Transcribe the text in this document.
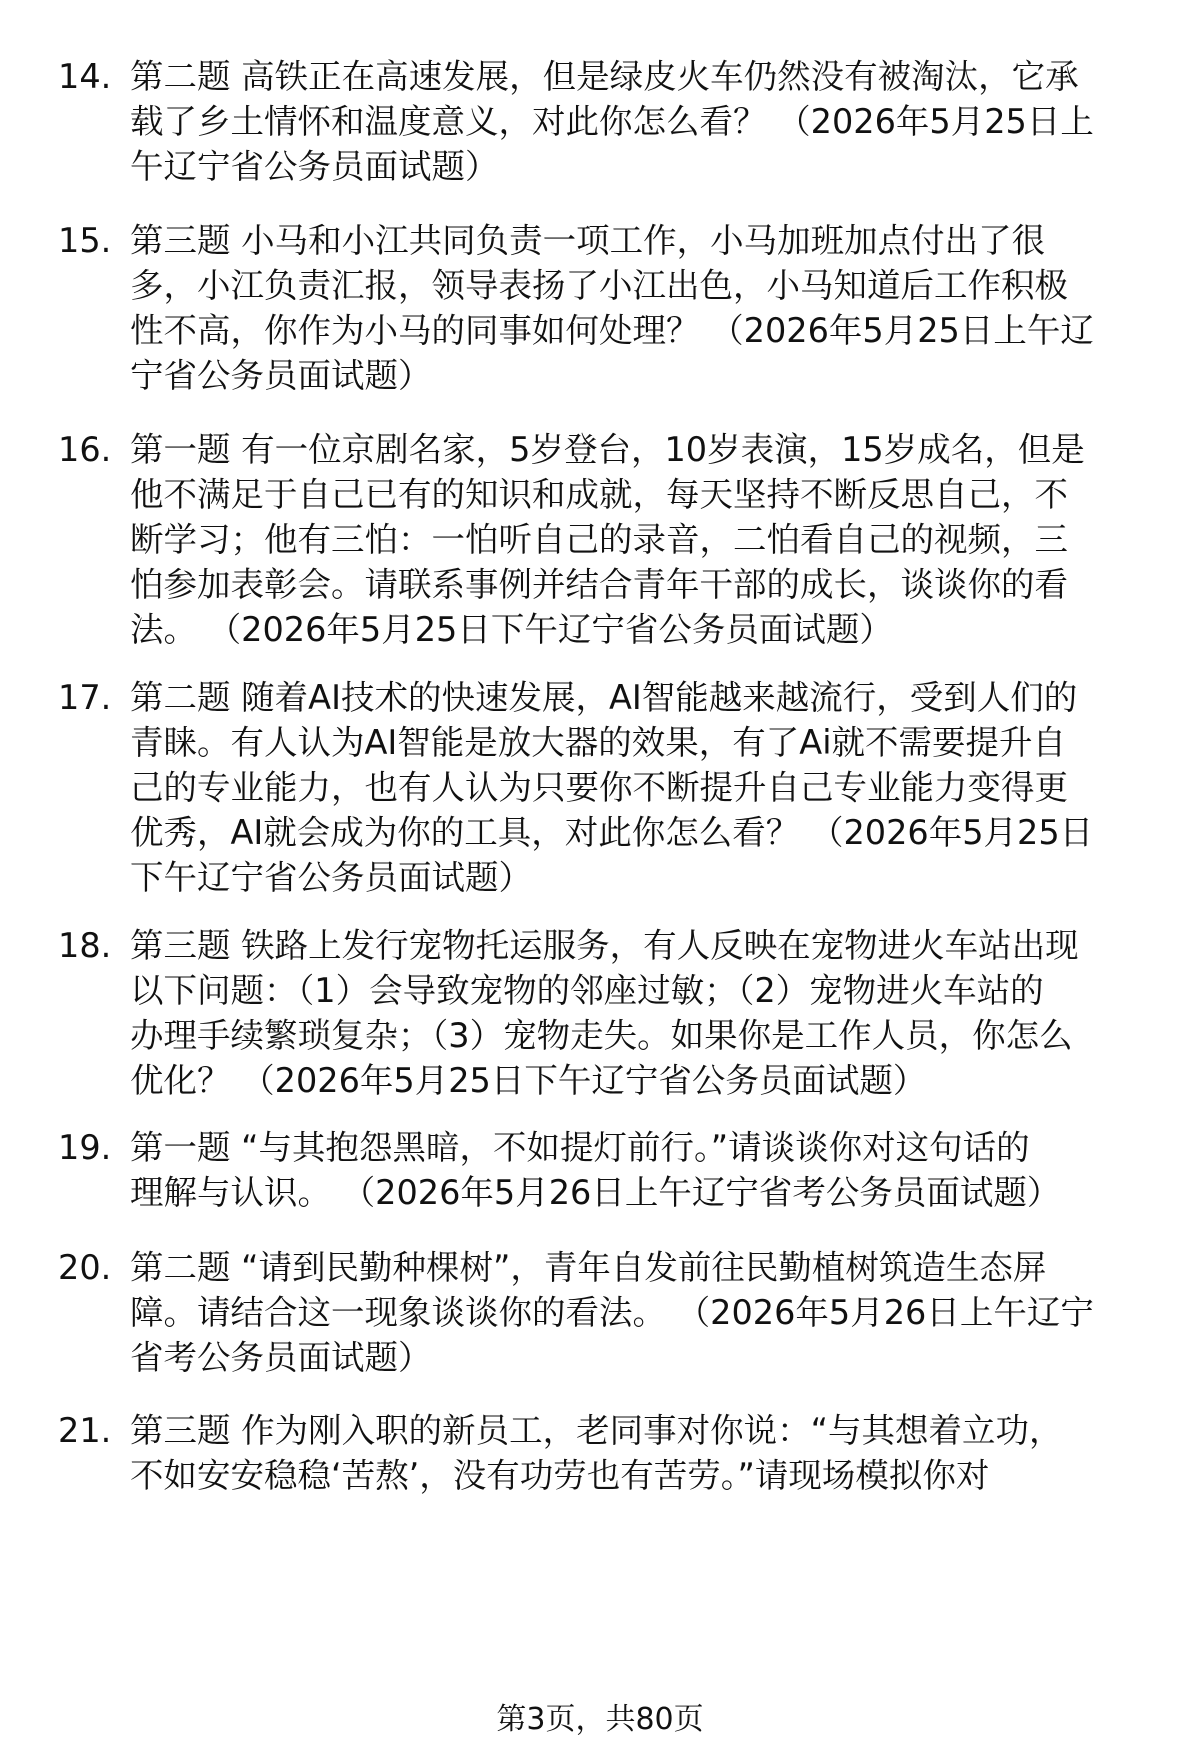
14. 第二题 高铁正在高速发展，但是绿皮火车仍然没有被淘汰，它承
载了乡土情怀和温度意义，对此你怎么看？ （2026年5月25日上
午辽宁省公务员面试题）
15. 第三题 小马和小江共同负责一项工作，小马加班加点付出了很
多，小江负责汇报，领导表扬了小江出色，小马知道后工作积极
性不高，你作为小马的同事如何处理？ （2026年5月25日上午辽
宁省公务员面试题）
16. 第一题 有一位京剧名家，5岁登台，10岁表演，15岁成名，但是
他不满足于自己已有的知识和成就，每天坚持不断反思自己，不
断学习；他有三怕：一怕听自己的录音，二怕看自己的视频，三
怕参加表彰会。请联系事例并结合青年干部的成长，谈谈你的看
法。 （2026年5月25日下午辽宁省公务员面试题）
17. 第二题 随着AI技术的快速发展，AI智能越来越流行，受到人们的
青睐。有人认为AI智能是放大器的效果，有了Ai就不需要提升自
己的专业能力，也有人认为只要你不断提升自己专业能力变得更
优秀，AI就会成为你的工具，对此你怎么看？ （2026年5月25日
下午辽宁省公务员面试题）
18. 第三题 铁路上发行宠物托运服务，有人反映在宠物进火车站出现
以下问题：（1）会导致宠物的邻座过敏；（2）宠物进火车站的
办理手续繁琐复杂；（3）宠物走失。如果你是工作人员，你怎么
优化？ （2026年5月25日下午辽宁省公务员面试题）
19. 第一题 “与其抱怨黑暗，不如提灯前行。”请谈谈你对这句话的
理解与认识。 （2026年5月26日上午辽宁省考公务员面试题）
20. 第二题 “请到民勤种棵树”，青年自发前往民勤植树筑造生态屏
障。请结合这一现象谈谈你的看法。 （2026年5月26日上午辽宁
省考公务员面试题）
21. 第三题 作为刚入职的新员工，老同事对你说：“与其想着立功，
不如安安稳稳‘苦熬’，没有功劳也有苦劳。”请现场模拟你对
第3页，共80页
